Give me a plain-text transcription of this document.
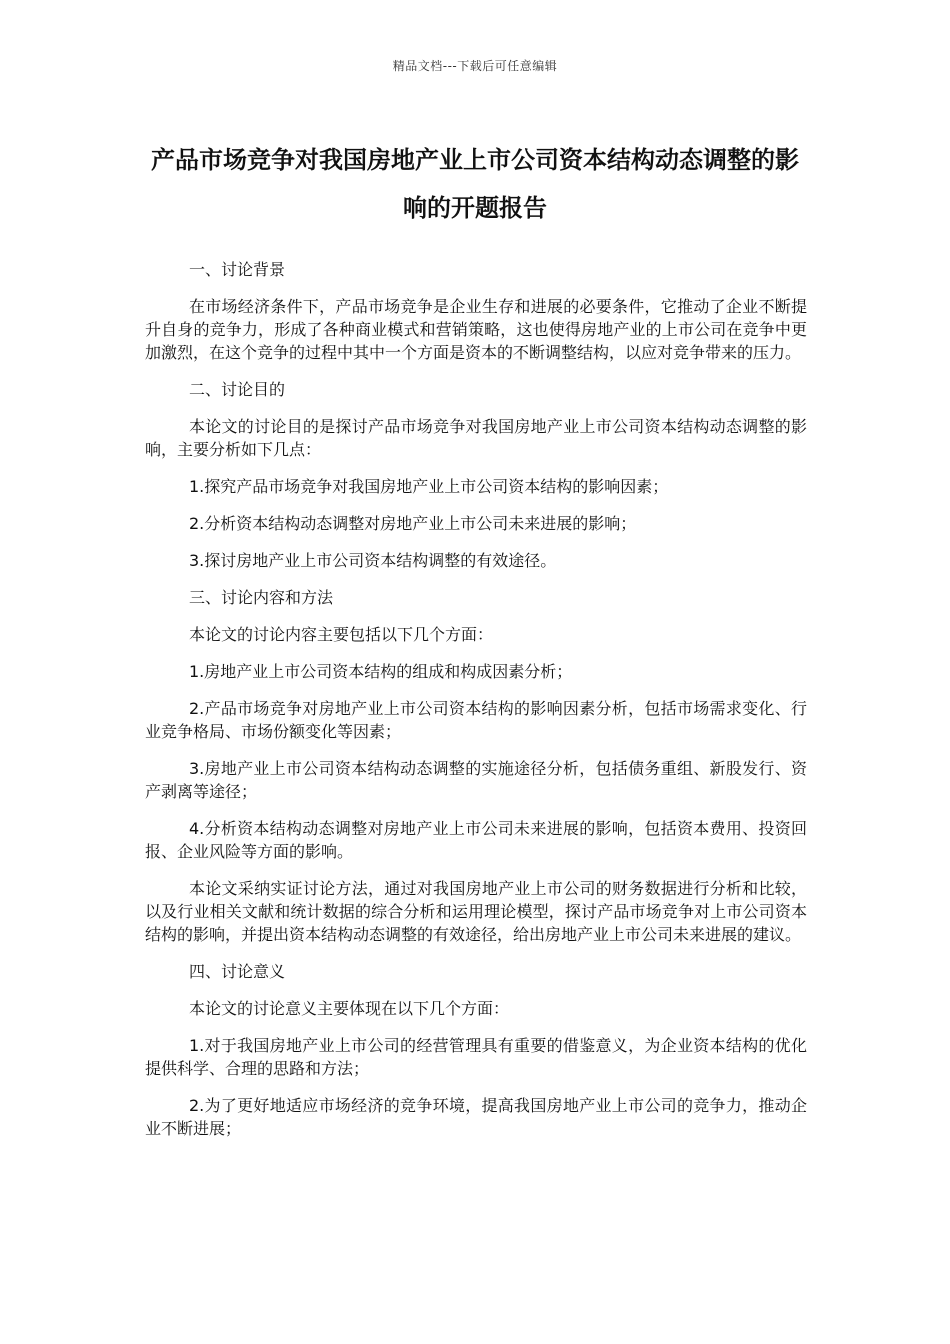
精品文档---下载后可任意编辑
产品市场竞争对我国房地产业上市公司资本结构动态调整的影响的开题报告

一、讨论背景

在市场经济条件下，产品市场竞争是企业生存和进展的必要条件，它推动了企业不断提升自身的竞争力，形成了各种商业模式和营销策略，这也使得房地产业的上市公司在竞争中更加激烈，在这个竞争的过程中其中一个方面是资本的不断调整结构，以应对竞争带来的压力。

二、讨论目的

本论文的讨论目的是探讨产品市场竞争对我国房地产业上市公司资本结构动态调整的影响，主要分析如下几点：

1.探究产品市场竞争对我国房地产业上市公司资本结构的影响因素；

2.分析资本结构动态调整对房地产业上市公司未来进展的影响；

3.探讨房地产业上市公司资本结构调整的有效途径。

三、讨论内容和方法

本论文的讨论内容主要包括以下几个方面：

1.房地产业上市公司资本结构的组成和构成因素分析；

2.产品市场竞争对房地产业上市公司资本结构的影响因素分析，包括市场需求变化、行业竞争格局、市场份额变化等因素；

3.房地产业上市公司资本结构动态调整的实施途径分析，包括债务重组、新股发行、资产剥离等途径；

4.分析资本结构动态调整对房地产业上市公司未来进展的影响，包括资本费用、投资回报、企业风险等方面的影响。

本论文采纳实证讨论方法，通过对我国房地产业上市公司的财务数据进行分析和比较，以及行业相关文献和统计数据的综合分析和运用理论模型，探讨产品市场竞争对上市公司资本结构的影响，并提出资本结构动态调整的有效途径，给出房地产业上市公司未来进展的建议。

四、讨论意义

本论文的讨论意义主要体现在以下几个方面：

1.对于我国房地产业上市公司的经营管理具有重要的借鉴意义，为企业资本结构的优化提供科学、合理的思路和方法；

2.为了更好地适应市场经济的竞争环境，提高我国房地产业上市公司的竞争力，推动企业不断进展；
